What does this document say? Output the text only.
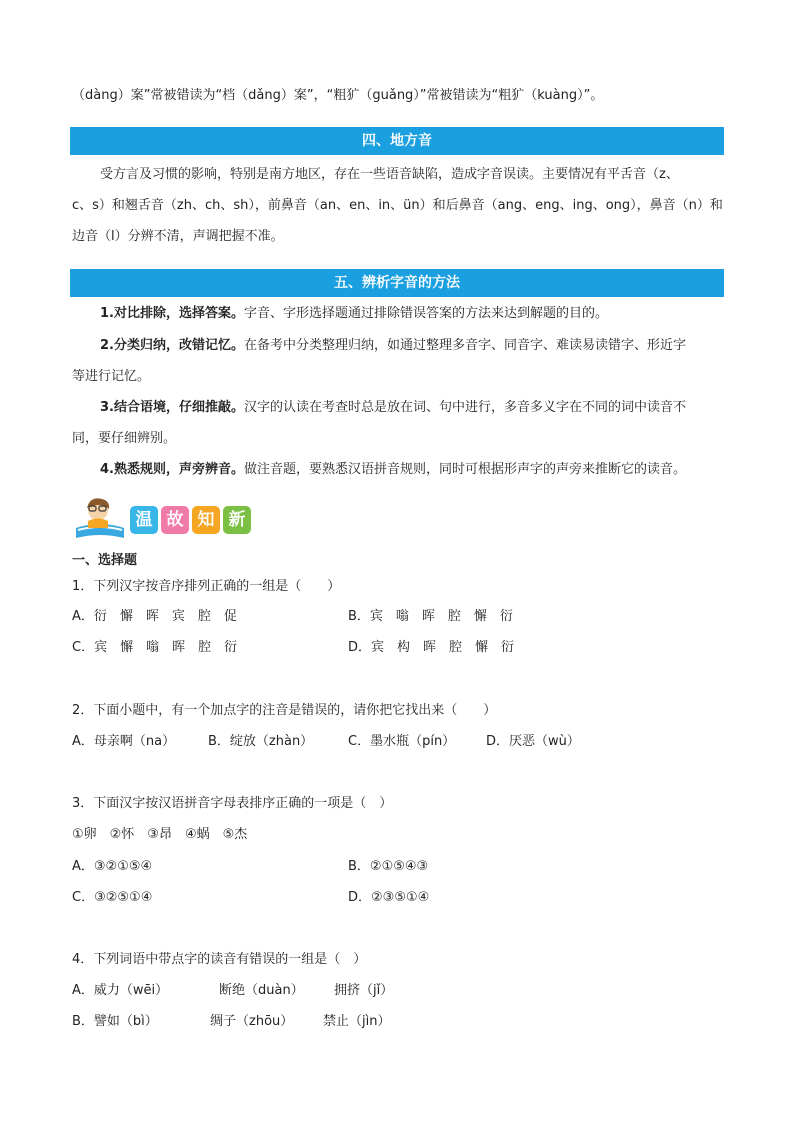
（dàng）案”常被错读为“档（dǎng）案”，“粗犷（guǎng）”常被错读为“粗犷（kuàng）”。
四、地方音
受方言及习惯的影响，特别是南方地区，存在一些语音缺陷，造成字音误读。主要情况有平舌音（z、
c、s）和翘舌音（zh、ch、sh），前鼻音（an、en、in、ün）和后鼻音（ang、eng、ing、ong），鼻音（n）和
边音（l）分辨不清，声调把握不准。
五、辨析字音的方法
1.对比排除，选择答案。字音、字形选择题通过排除错误答案的方法来达到解题的目的。
2.分类归纳，改错记忆。在备考中分类整理归纳，如通过整理多音字、同音字、难读易读错字、形近字
等进行记忆。
3.结合语境，仔细推敲。汉字的认读在考查时总是放在词、句中进行，多音多义字在不同的词中读音不
同，要仔细辨别。
4.熟悉规则，声旁辨音。做注音题，要熟悉汉语拼音规则，同时可根据形声字的声旁来推断它的读音。
温 故 知 新
一、选择题
1．下列汉字按音序排列正确的一组是（　　）
A．衍　懈　晖　宾　腔　促	B．宾　嗡　晖　腔　懈　衍
C．宾　懈　嗡　晖　腔　衍	D．宾　构　晖　腔　懈　衍
2．下面小题中，有一个加点字的注音是错误的，请你把它找出来（　　）
A．母亲啊（na）	B．绽放（zhàn）	C．墨水瓶（pín） D．厌恶（wù）
3．下面汉字按汉语拼音字母表排序正确的一项是（　）
①卵　②怀　③昂　④蜗　⑤杰
A．③②①⑤④	B．②①⑤④③
C．③②⑤①④	D．②③⑤①④
4．下列词语中带点字的读音有错误的一组是（　）
A．威力（wēi）	断绝（duàn） 拥挤（jǐ）
B．譬如（bì）	绸子（zhōu） 禁止（jìn）
